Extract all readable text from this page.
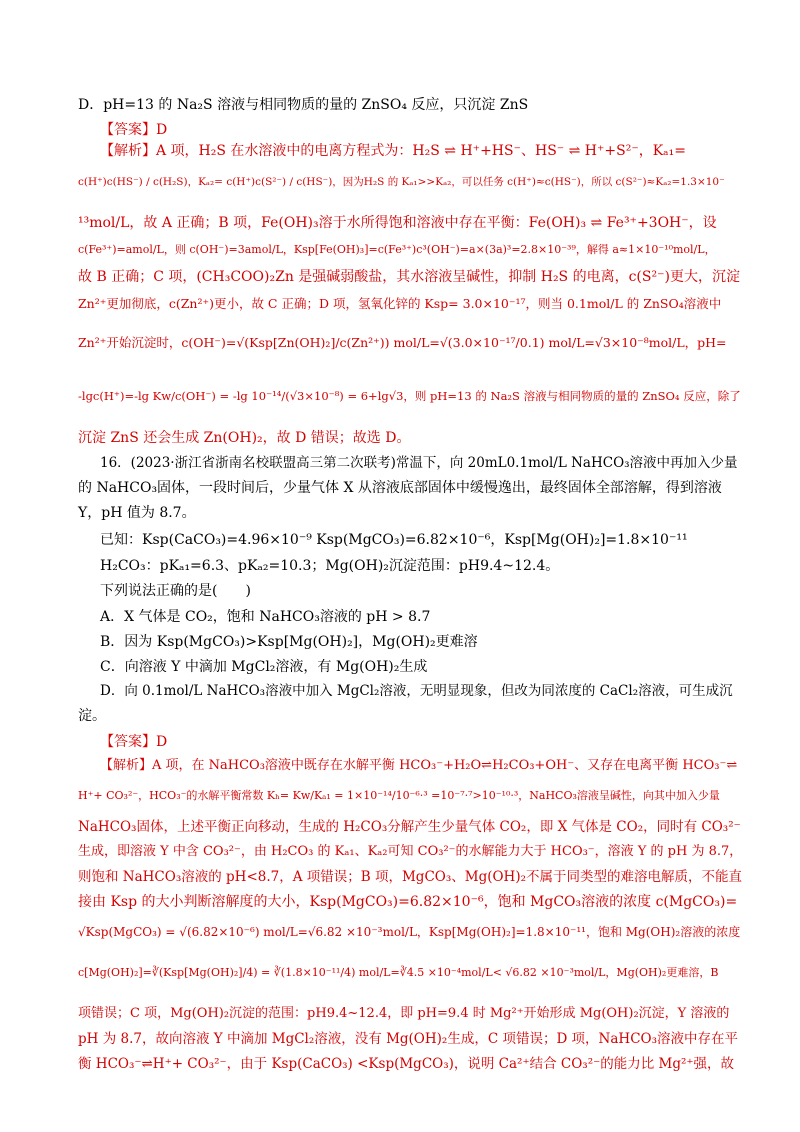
D．pH=13 的 Na₂S 溶液与相同物质的量的 ZnSO₄ 反应，只沉淀 ZnS
【答案】D
【解析】A 项，H₂S 在水溶液中的电离方程式为：H₂S ⇌ H⁺+HS⁻、HS⁻ ⇌ H⁺+S²⁻，Kₐ₁=
c(H⁺)c(HS⁻) / c(H₂S)，Kₐ₂= c(H⁺)c(S²⁻) / c(HS⁻)，因为H₂S 的 Kₐ₁>>Kₐ₂，可以任务 c(H⁺)≈c(HS⁻)，所以 c(S²⁻)≈Kₐ₂=1.3×10⁻
¹³mol/L，故 A 正确；B 项，Fe(OH)₃溶于水所得饱和溶液中存在平衡：Fe(OH)₃ ⇌ Fe³⁺+3OH⁻，设
c(Fe³⁺)=amol/L，则 c(OH⁻)=3amol/L，Ksp[Fe(OH)₃]=c(Fe³⁺)c³(OH⁻)=a×(3a)³=2.8×10⁻³⁹，解得 a≈1×10⁻¹⁰mol/L，
故 B 正确；C 项，(CH₃COO)₂Zn 是强碱弱酸盐，其水溶液呈碱性，抑制 H₂S 的电离，c(S²⁻)更大，沉淀
Zn²⁺更加彻底，c(Zn²⁺)更小，故 C 正确；D 项，氢氧化锌的 Ksp= 3.0×10⁻¹⁷，则当 0.1mol/L 的 ZnSO₄溶液中
Zn²⁺开始沉淀时，c(OH⁻)=√(Ksp[Zn(OH)₂]/c(Zn²⁺)) mol/L=√(3.0×10⁻¹⁷/0.1) mol/L=√3×10⁻⁸mol/L，pH=
-lgc(H⁺)=-lg Kw/c(OH⁻) = -lg 10⁻¹⁴/(√3×10⁻⁸) = 6+lg√3，则 pH=13 的 Na₂S 溶液与相同物质的量的 ZnSO₄ 反应，除了
沉淀 ZnS 还会生成 Zn(OH)₂，故 D 错误；故选 D。
16．(2023·浙江省浙南名校联盟高三第二次联考)常温下，向 20mL0.1mol/L NaHCO₃溶液中再加入少量
的 NaHCO₃固体，一段时间后，少量气体 X 从溶液底部固体中缓慢逸出，最终固体全部溶解，得到溶液
Y，pH 值为 8.7。
已知：Ksp(CaCO₃)=4.96×10⁻⁹ Ksp(MgCO₃)=6.82×10⁻⁶，Ksp[Mg(OH)₂]=1.8×10⁻¹¹
H₂CO₃：pKₐ₁=6.3、pKₐ₂=10.3；Mg(OH)₂沉淀范围：pH9.4~12.4。
下列说法正确的是(　　)
A．X 气体是 CO₂，饱和 NaHCO₃溶液的 pH > 8.7
B．因为 Ksp(MgCO₃)>Ksp[Mg(OH)₂]，Mg(OH)₂更难溶
C．向溶液 Y 中滴加 MgCl₂溶液，有 Mg(OH)₂生成
D．向 0.1mol/L NaHCO₃溶液中加入 MgCl₂溶液，无明显现象，但改为同浓度的 CaCl₂溶液，可生成沉
淀。
【答案】D
【解析】A 项，在 NaHCO₃溶液中既存在水解平衡 HCO₃⁻+H₂O⇌H₂CO₃+OH⁻、又存在电离平衡 HCO₃⁻⇌
H⁺+ CO₃²⁻，HCO₃⁻的水解平衡常数 Kₕ= Kw/Kₐ₁ = 1×10⁻¹⁴/10⁻⁶·³ =10⁻⁷·⁷>10⁻¹⁰·³，NaHCO₃溶液呈碱性，向其中加入少量
NaHCO₃固体，上述平衡正向移动，生成的 H₂CO₃分解产生少量气体 CO₂，即 X 气体是 CO₂，同时有 CO₃²⁻
生成，即溶液 Y 中含 CO₃²⁻，由 H₂CO₃ 的 Kₐ₁、Kₐ₂可知 CO₃²⁻的水解能力大于 HCO₃⁻，溶液 Y 的 pH 为 8.7，
则饱和 NaHCO₃溶液的 pH<8.7，A 项错误；B 项，MgCO₃、Mg(OH)₂不属于同类型的难溶电解质，不能直
接由 Ksp 的大小判断溶解度的大小，Ksp(MgCO₃)=6.82×10⁻⁶，饱和 MgCO₃溶液的浓度 c(MgCO₃)=
√Ksp(MgCO₃) = √(6.82×10⁻⁶) mol/L=√6.82 ×10⁻³mol/L，Ksp[Mg(OH)₂]=1.8×10⁻¹¹，饱和 Mg(OH)₂溶液的浓度
c[Mg(OH)₂]=∛(Ksp[Mg(OH)₂]/4) = ∛(1.8×10⁻¹¹/4) mol/L=∛4.5 ×10⁻⁴mol/L< √6.82 ×10⁻³mol/L，Mg(OH)₂更难溶，B
项错误；C 项，Mg(OH)₂沉淀的范围：pH9.4~12.4，即 pH=9.4 时 Mg²⁺开始形成 Mg(OH)₂沉淀，Y 溶液的
pH 为 8.7，故向溶液 Y 中滴加 MgCl₂溶液，没有 Mg(OH)₂生成，C 项错误；D 项，NaHCO₃溶液中存在平
衡 HCO₃⁻⇌H⁺+ CO₃²⁻，由于 Ksp(CaCO₃) <Ksp(MgCO₃)，说明 Ca²⁺结合 CO₃²⁻的能力比 Mg²⁺强，故
